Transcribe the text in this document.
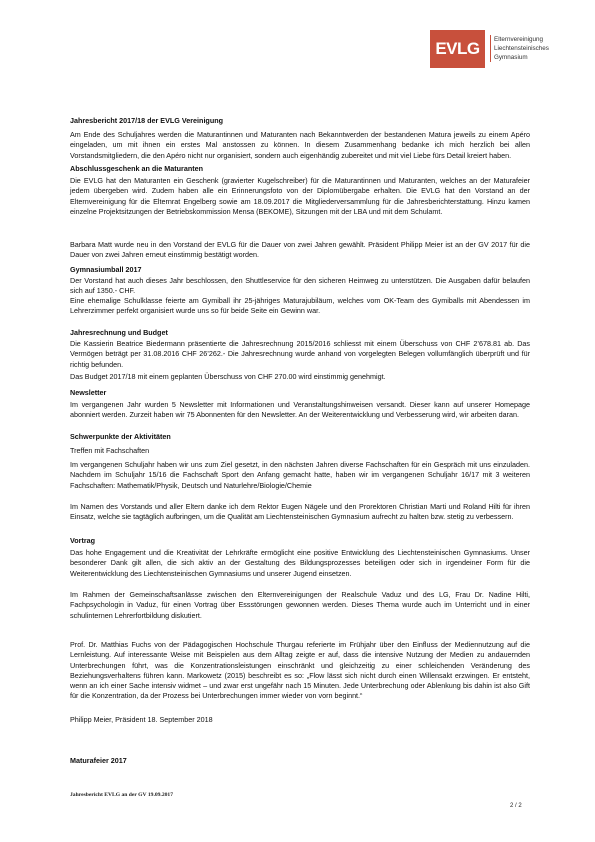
EVLG	Elternvereinigung
Liechtensteinisches
Gymnasium

Jahresbericht 2017/18 der EVLG Vereinigung

Am Ende des Schuljahres werden die Maturantinnen und Maturanten nach Bekanntwerden der bestandenen Matura jeweils zu einem Apéro eingeladen, um mit ihnen ein erstes Mal anstossen zu können. In diesem Zusammenhang bedanke ich mich herzlich bei allen Vorstandsmitgliedern, die den Apéro nicht nur organisiert, sondern auch eigenhändig zubereitet und mit viel Liebe fürs Detail kreiert haben.

Abschlussgeschenk an die Maturanten

Die EVLG hat den Maturanten ein Geschenk (gravierter Kugelschreiber) für die Maturantinnen und Maturanten, welches an der Maturafeier jedem übergeben wird. Zudem haben alle ein Erinnerungsfoto von der Diplomübergabe erhalten. Die EVLG hat den Vorstand an der Elternvereinigung für die Elternrat Engelberg sowie am 18.09.2017 die Mitgliederversammlung für die Jahresberichterstattung. Hinzu kamen einzelne Projektsitzungen der Betriebskommission Mensa (BEKOME), Sitzungen mit der LBA und mit dem Schulamt.

Barbara Matt wurde neu in den Vorstand der EVLG für die Dauer von zwei Jahren gewählt. Präsident Philipp Meier ist an der GV 2017 für die Dauer von zwei Jahren erneut einstimmig bestätigt worden.

Gymnasiumball 2017

Der Vorstand hat auch dieses Jahr beschlossen, den Shuttleservice für den sicheren Heimweg zu unterstützen. Die Ausgaben dafür belaufen sich auf 1350.- CHF.

Eine ehemalige Schulklasse feierte am Gymiball ihr 25-jähriges Maturajubiläum, welches vom OK-Team des Gymiballs mit Abendessen im Lehrerzimmer perfekt organisiert wurde uns so für beide Seite ein Gewinn war.

Jahresrechnung und Budget

Die Kassierin Beatrice Biedermann präsentierte die Jahresrechnung 2015/2016 schliesst mit einem Überschuss von CHF 2’678.81 ab. Das Vermögen beträgt per 31.08.2016 CHF 26’262.- Die Jahresrechnung wurde anhand von vorgelegten Belegen vollumfänglich überprüft und für richtig befunden.

Das Budget 2017/18 mit einem geplanten Überschuss von CHF 270.00 wird einstimmig genehmigt.

Newsletter

Im vergangenen Jahr wurden 5 Newsletter mit Informationen und Veranstaltungshinweisen versandt. Dieser kann auf unserer Homepage abonniert werden. Zurzeit haben wir 75 Abonnenten für den Newsletter. An der Weiterentwicklung und Verbesserung wird, wir arbeiten daran.

Schwerpunkte der Aktivitäten

Treffen mit Fachschaften

Im vergangenen Schuljahr haben wir uns zum Ziel gesetzt, in den nächsten Jahren diverse Fachschaften für ein Gespräch mit uns einzuladen. Nachdem im Schuljahr 15/16 die Fachschaft Sport den Anfang gemacht hatte, haben wir im vergangenen Schuljahr 16/17 mit 3 weiteren Fachschaften: Mathematik/Physik, Deutsch und Naturlehre/Biologie/Chemie

Im Namen des Vorstands und aller Eltern danke ich dem Rektor Eugen Nägele und den Prorektoren Christian Marti und Roland Hilti für ihren Einsatz, welche sie tagtäglich aufbringen, um die Qualität am Liechtensteinischen Gymnasium aufrecht zu halten bzw. stetig zu verbessern.

Vortrag

Das hohe Engagement und die Kreativität der Lehrkräfte ermöglicht eine positive Entwicklung des Liechtensteinischen Gymnasiums. Unser besonderer Dank gilt allen, die sich aktiv an der Gestaltung des Bildungsprozesses beteiligen oder sich in irgendeiner Form für die Weiterentwicklung des Liechtensteinischen Gymnasiums und unserer Jugend einsetzen.

Im Rahmen der Gemeinschaftsanlässe zwischen den Elternvereinigungen der Realschule Vaduz und des LG, Frau Dr. Nadine Hilti, Fachpsychologin in Vaduz, für einen Vortrag über Essstörungen gewonnen werden. Dieses Thema wurde auch im Unterricht und in einer schulinternen Lehrerfortbildung diskutiert.

Prof. Dr. Matthias Fuchs von der Pädagogischen Hochschule Thurgau referierte im Frühjahr über den Einfluss der Mediennutzung auf die Lernleistung. Auf interessante Weise mit Beispielen aus dem Alltag zeigte er auf, dass die intensive Nutzung der Medien zu andauernden Unterbrechungen führt, was die Konzentrationsleistungen einschränkt und gleichzeitig zu einer schleichenden Veränderung des Beziehungsverhaltens führen kann. Markowetz (2015) beschreibt es so: „Flow lässt sich nicht durch einen Willensakt erzwingen. Er entsteht, wenn an ich einer Sache intensiv widmet – und zwar erst ungefähr nach 15 Minuten. Jede Unterbrechung oder Ablenkung bis dahin ist also Gift für die Konzentration, da der Prozess bei Unterbrechungen immer wieder von vorn beginnt.“

Philipp Meier, Präsident 18. September 2018

Maturafeier 2017

Jahresbericht EVLG an der GV 19.09.2017
2 / 2
